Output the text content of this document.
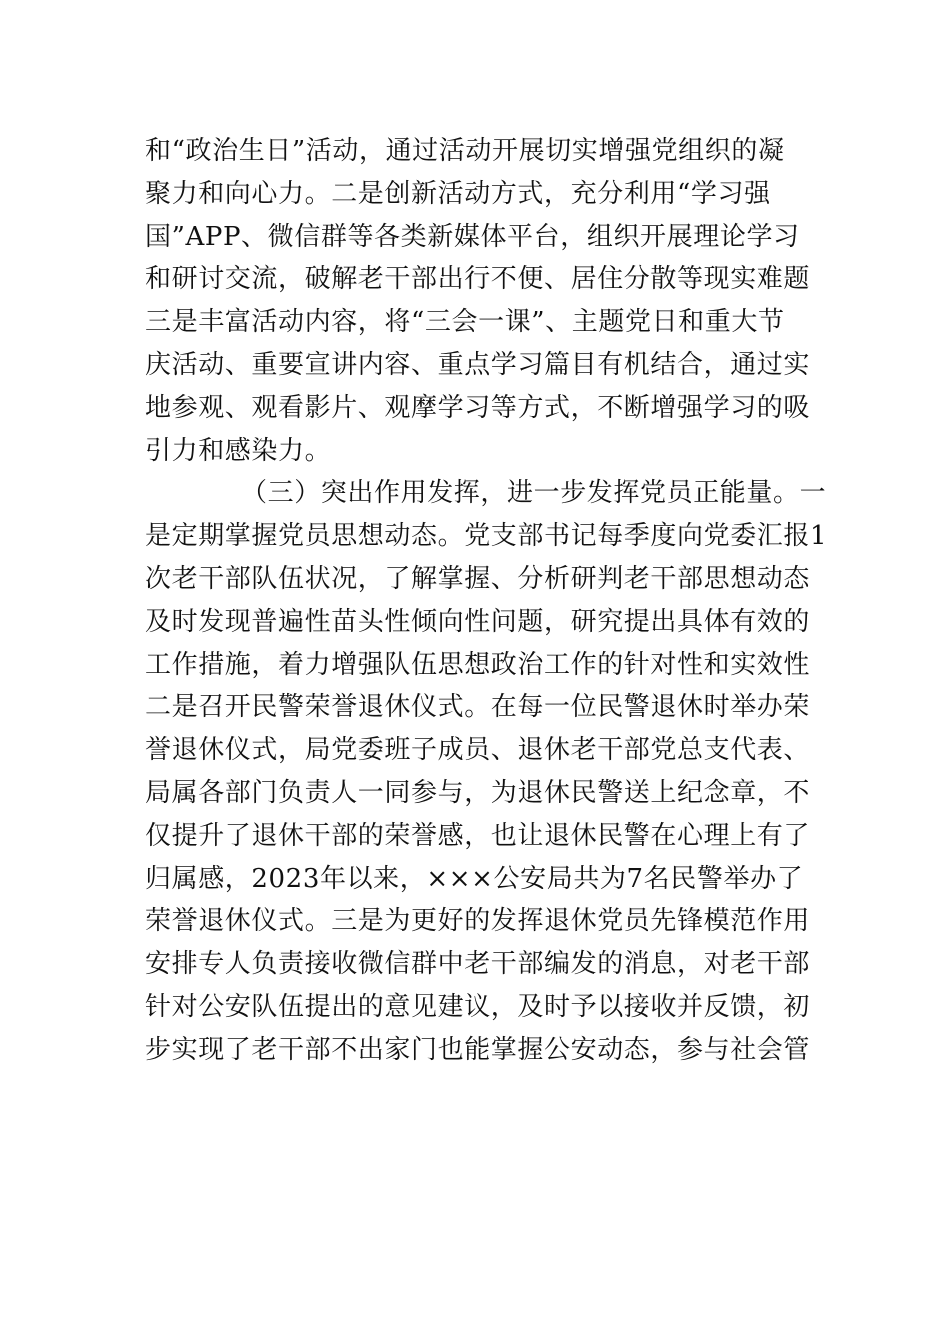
和“政治生日”活动，通过活动开展切实增强党组织的凝
聚力和向心力。二是创新活动方式，充分利用“学习强
国”APP、微信群等各类新媒体平台，组织开展理论学习
和研讨交流，破解老干部出行不便、居住分散等现实难题
三是丰富活动内容，将“三会一课”、主题党日和重大节
庆活动、重要宣讲内容、重点学习篇目有机结合，通过实
地参观、观看影片、观摩学习等方式，不断增强学习的吸
引力和感染力。
（三）突出作用发挥，进一步发挥党员正能量。一
是定期掌握党员思想动态。党支部书记每季度向党委汇报1
次老干部队伍状况，了解掌握、分析研判老干部思想动态
及时发现普遍性苗头性倾向性问题，研究提出具体有效的
工作措施，着力增强队伍思想政治工作的针对性和实效性
二是召开民警荣誉退休仪式。在每一位民警退休时举办荣
誉退休仪式，局党委班子成员、退休老干部党总支代表、
局属各部门负责人一同参与，为退休民警送上纪念章，不
仅提升了退休干部的荣誉感，也让退休民警在心理上有了
归属感，2023年以来，×××公安局共为7名民警举办了
荣誉退休仪式。三是为更好的发挥退休党员先锋模范作用
安排专人负责接收微信群中老干部编发的消息，对老干部
针对公安队伍提出的意见建议，及时予以接收并反馈，初
步实现了老干部不出家门也能掌握公安动态，参与社会管
